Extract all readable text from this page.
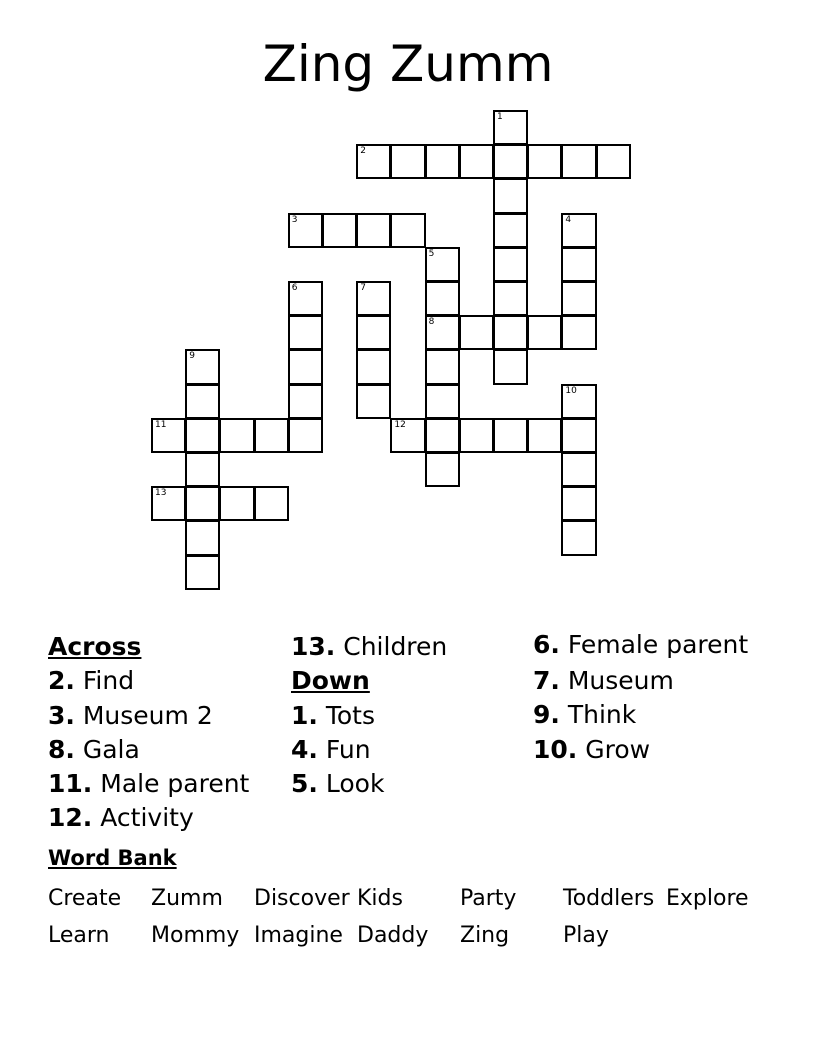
Zing Zumm
1
2
3	4
5
8
6	7
9
10
11	12
13
Across
2. Find
3. Museum 2
8. Gala
11. Male parent
12. Activity
13. Children
Down
1. Tots
4. Fun
5. Look
6. Female parent
7. Museum
9. Think
10. Grow
Word Bank
Create Zumm Discover Kids	Party Toddlers Explore
Learn Mommy Imagine Daddy Zing Play
